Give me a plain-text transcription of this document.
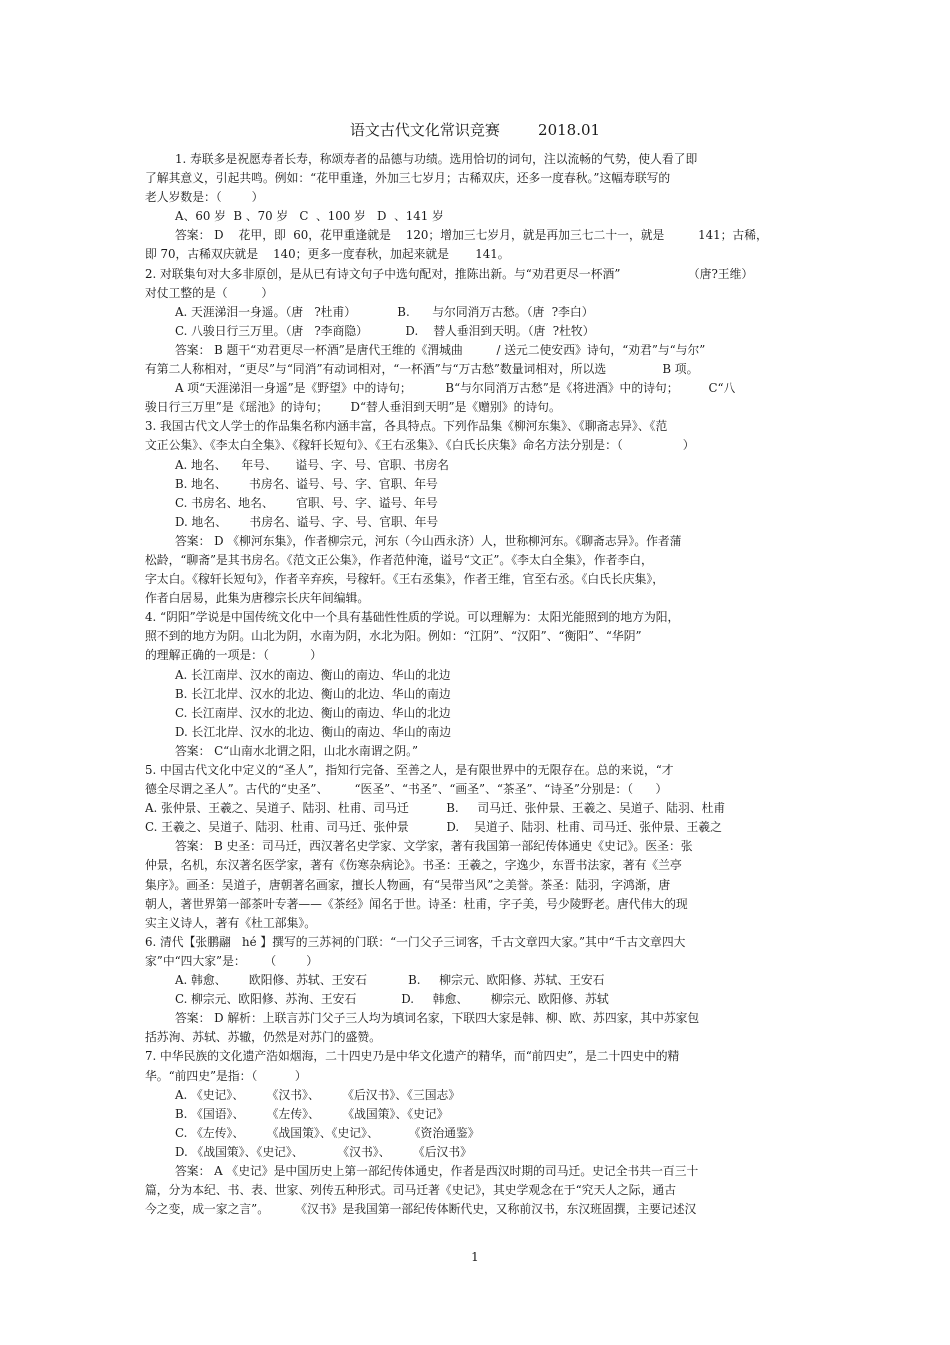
语文古代文化常识竞赛        2018.01
1. 寿联多是祝愿寿者长寿，称颂寿者的品德与功绩。选用恰切的词句，注以流畅的气势，使人看了即
了解其意义，引起共鸣。例如：“花甲重逢，外加三七岁月；古稀双庆，还多一度春秋。”这幅寿联写的
老人岁数是：（        ）
A、60 岁  B 、70 岁   C  、100 岁   D  、141 岁
答案： D    花甲，即  60，花甲重逢就是    120；增加三七岁月，就是再加三七二十一，就是         141；古稀，
即 70，古稀双庆就是    140；更多一度春秋，加起来就是       141。
2. 对联集句对大多非原创，是从已有诗文句子中选句配对，推陈出新。与“劝君更尽一杯酒”                  （唐?王维）
对仗工整的是（         ）
A. 天涯涕泪一身遥。（唐   ?杜甫）           B.      与尔同消万古愁。（唐  ?李白）
C. 八骏日行三万里。（唐   ?李商隐）          D.    替人垂泪到天明。（唐  ?杜牧）
答案： B 题干“劝君更尽一杯酒”是唐代王维的《渭城曲         / 送元二使安西》诗句，“劝君”与“与尔”
有第二人称相对，“更尽”与“同消”有动词相对，“一杯酒”与“万古愁”数量词相对，所以选               B 项。
A 项“天涯涕泪一身遥”是《野望》中的诗句；         B“与尔同消万古愁”是《将进酒》中的诗句；        C“八
骏日行三万里”是《瑶池》的诗句；      D“替人垂泪到天明”是《赠别》的诗句。
3. 我国古代文人学士的作品集名称内涵丰富，各具特点。下列作品集《柳河东集》、《聊斋志异》、《范
文正公集》、《李太白全集》、《稼轩长短句》、《王右丞集》、《白氏长庆集》命名方法分别是：（                ）
A. 地名、    年号、     谥号、字、号、官职、书房名
B. 地名、      书房名、谥号、号、字、官职、年号
C. 书房名、地名、      官职、号、字、谥号、年号
D. 地名、      书房名、谥号、字、号、官职、年号
答案： D 《柳河东集》，作者柳宗元，河东（今山西永济）人，世称柳河东。《聊斋志异》。作者蒲
松龄，“聊斋”是其书房名。《范文正公集》，作者范仲淹，谥号“文正”。《李太白全集》，作者李白，
字太白。《稼轩长短句》，作者辛弃疾，号稼轩。《王右丞集》，作者王维，官至右丞。《白氏长庆集》，
作者白居易，此集为唐穆宗长庆年间编辑。
4. “阴阳”学说是中国传统文化中一个具有基础性性质的学说。可以理解为：太阳光能照到的地方为阳，
照不到的地方为阴。山北为阴，水南为阴，水北为阳。例如：“江阴”、“汉阳”、“衡阳”、“华阴”
的理解正确的一项是：（           ）
A. 长江南岸、汉水的南边、衡山的南边、华山的北边
B. 长江北岸、汉水的北边、衡山的北边、华山的南边
C. 长江南岸、汉水的北边、衡山的南边、华山的北边
D. 长江北岸、汉水的北边、衡山的南边、华山的南边
答案： C“山南水北谓之阳，山北水南谓之阴。”
5. 中国古代文化中定义的“圣人”，指知行完备、至善之人，是有限世界中的无限存在。总的来说，“才
德全尽谓之圣人”。古代的“史圣”、       “医圣”、“书圣”、“画圣”、“茶圣”、“诗圣”分别是：（      ）
A. 张仲景、王羲之、吴道子、陆羽、杜甫、司马迁          B.     司马迁、张仲景、王羲之、吴道子、陆羽、杜甫
C. 王羲之、吴道子、陆羽、杜甫、司马迁、张仲景          D.    吴道子、陆羽、杜甫、司马迁、张仲景、王羲之
答案： B 史圣：司马迁，西汉著名史学家、文学家，著有我国第一部纪传体通史《史记》。医圣：张
仲景，名机，东汉著名医学家，著有《伤寒杂病论》。书圣：王羲之，字逸少，东晋书法家，著有《兰亭
集序》。画圣：吴道子，唐朝著名画家，擅长人物画，有“吴带当风”之美誉。茶圣：陆羽，字鸿渐，唐
朝人，著世界第一部茶叶专著——《茶经》闻名于世。诗圣：杜甫，字子美，号少陵野老。唐代伟大的现
实主义诗人，著有《杜工部集》。
6. 清代【张鹏翮   hé 】撰写的三苏祠的门联：“一门父子三词客，千古文章四大家。”其中“千古文章四大
家”中“四大家”是：     （        ）
A. 韩愈、      欧阳修、苏轼、王安石           B.     柳宗元、欧阳修、苏轼、王安石
C. 柳宗元、欧阳修、苏洵、王安石            D.     韩愈、      柳宗元、欧阳修、苏轼
答案： D 解析：上联言苏门父子三人均为填词名家，下联四大家是韩、柳、欧、苏四家，其中苏家包
括苏洵、苏轼、苏辙，仍然是对苏门的盛赞。
7. 中华民族的文化遗产浩如烟海，二十四史乃是中华文化遗产的精华，而“前四史”，是二十四史中的精
华。“前四史”是指：（          ）
A. 《史记》、      《汉书》、      《后汉书》、《三国志》
B. 《国语》、      《左传》、      《战国策》、《史记》
C. 《左传》、      《战国策》、《史记》、        《资治通鉴》
D. 《战国策》、《史记》、         《汉书》、      《后汉书》
答案： A 《史记》是中国历史上第一部纪传体通史，作者是西汉时期的司马迁。史记全书共一百三十
篇，分为本纪、书、表、世家、列传五种形式。司马迁著《史记》，其史学观念在于“究天人之际，通古
今之变，成一家之言”。       《汉书》是我国第一部纪传体断代史，又称前汉书，东汉班固撰，主要记述汉
1
